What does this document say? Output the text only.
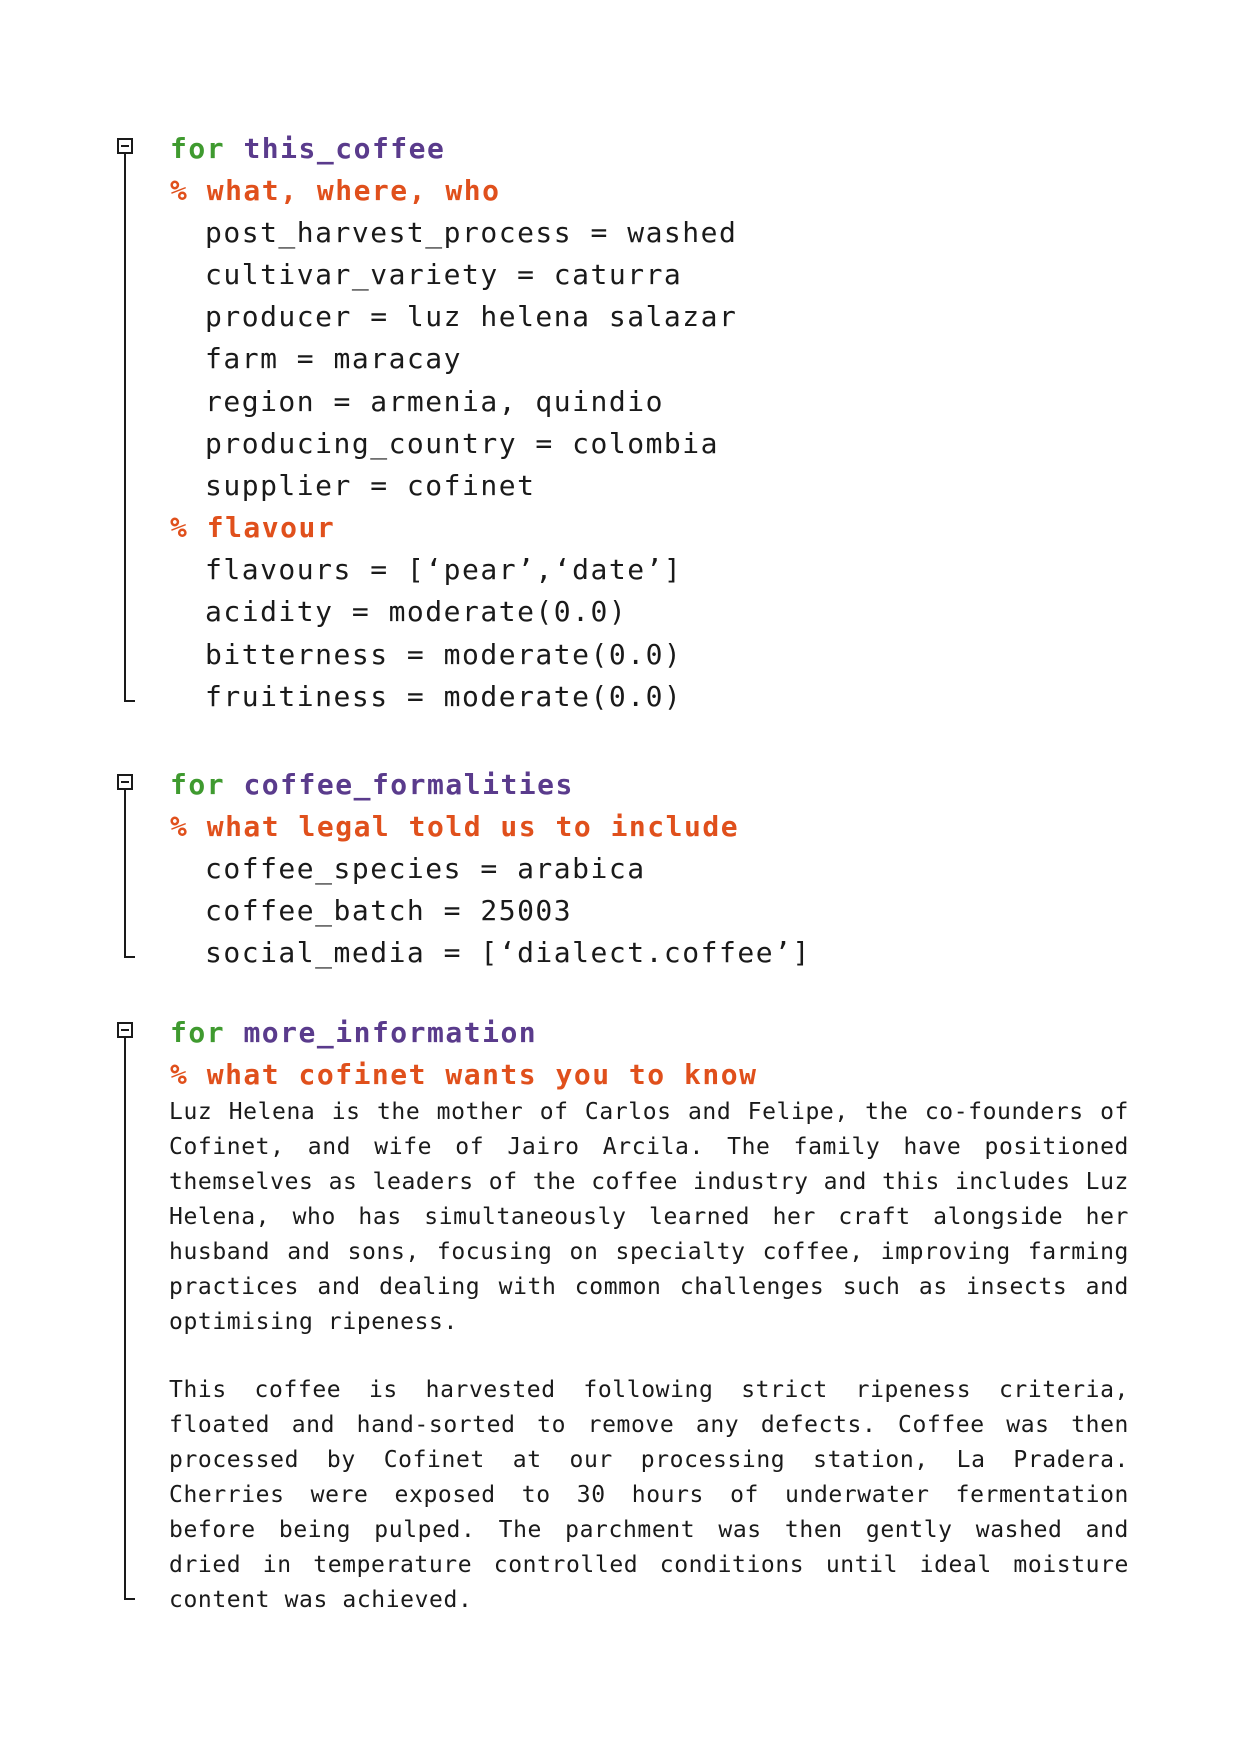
for this_coffee
% what, where, who
post_harvest_process = washed
cultivar_variety = caturra
producer = luz helena salazar
farm = maracay
region = armenia, quindio
producing_country = colombia
supplier = cofinet
% flavour
flavours = [‘pear’,‘date’]
acidity = moderate(0.0)
bitterness = moderate(0.0)
fruitiness = moderate(0.0)
for coffee_formalities
% what legal told us to include
coffee_species = arabica
coffee_batch = 25003
social_media = [‘dialect.coffee’]
for more_information
% what cofinet wants you to know
Luz Helena is the mother of Carlos and Felipe, the co-founders of Cofinet, and wife of Jairo Arcila. The family have positioned themselves as leaders of the coffee industry and this includes Luz Helena, who has simultaneously learned her craft alongside her husband and sons, focusing on specialty coffee, improving farming practices and dealing with common challenges such as insects and optimising ripeness.
This coffee is harvested following strict ripeness criteria, floated and hand-sorted to remove any defects. Coffee was then processed by Cofinet at our processing station, La Pradera. Cherries were exposed to 30 hours of underwater fermentation before being pulped. The parchment was then gently washed and dried in temperature controlled conditions until ideal moisture content was achieved.
